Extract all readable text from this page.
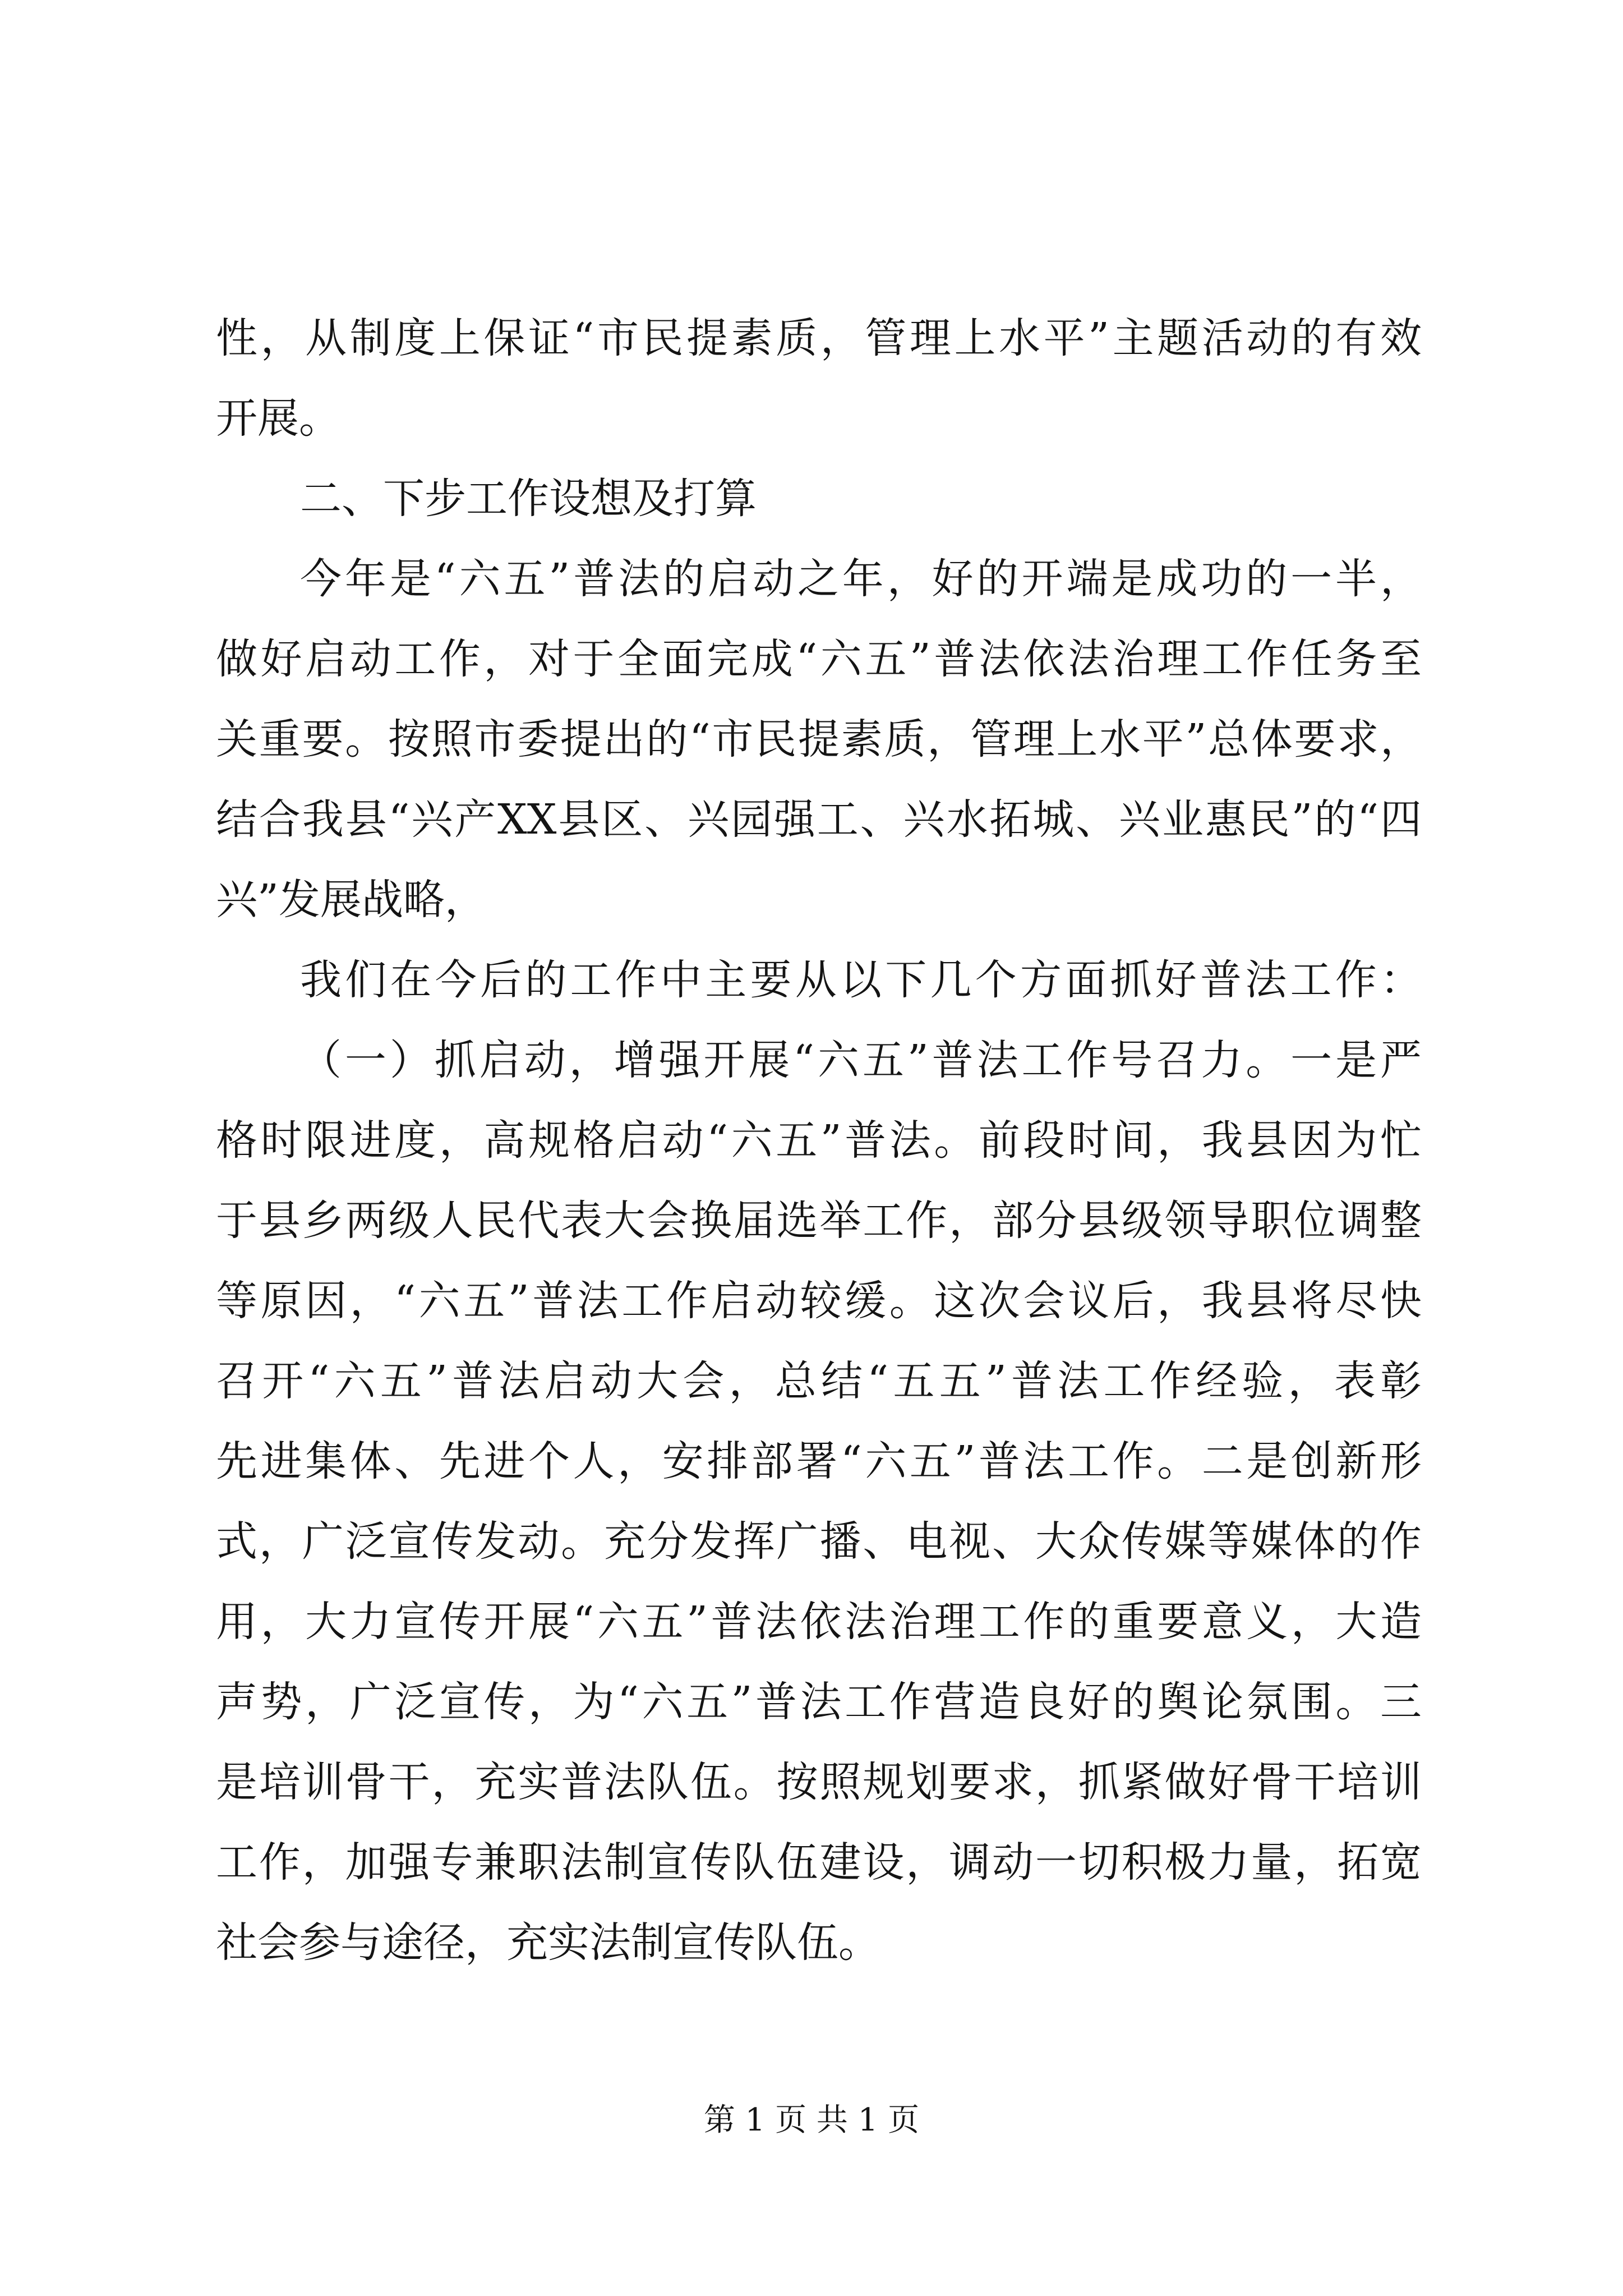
性，从制度上保证“市民提素质，管理上水平”主题活动的有效

开展。

二、下步工作设想及打算

今年是“六五”普法的启动之年，好的开端是成功的一半，

做好启动工作，对于全面完成“六五”普法依法治理工作任务至

关重要。按照市委提出的“市民提素质，管理上水平”总体要求，

结合我县“兴产XX县区、兴园强工、兴水拓城、兴业惠民”的“四

兴”发展战略，

我们在今后的工作中主要从以下几个方面抓好普法工作：

（一）抓启动，增强开展“六五”普法工作号召力。一是严

格时限进度，高规格启动“六五”普法。前段时间，我县因为忙

于县乡两级人民代表大会换届选举工作，部分县级领导职位调整

等原因，“六五”普法工作启动较缓。这次会议后，我县将尽快

召开“六五”普法启动大会，总结“五五”普法工作经验，表彰

先进集体、先进个人，安排部署“六五”普法工作。二是创新形

式，广泛宣传发动。充分发挥广播、电视、大众传媒等媒体的作

用，大力宣传开展“六五”普法依法治理工作的重要意义，大造

声势，广泛宣传，为“六五”普法工作营造良好的舆论氛围。三

是培训骨干，充实普法队伍。按照规划要求，抓紧做好骨干培训

工作，加强专兼职法制宣传队伍建设，调动一切积极力量，拓宽

社会参与途径，充实法制宣传队伍。

第 1 页 共 1 页
